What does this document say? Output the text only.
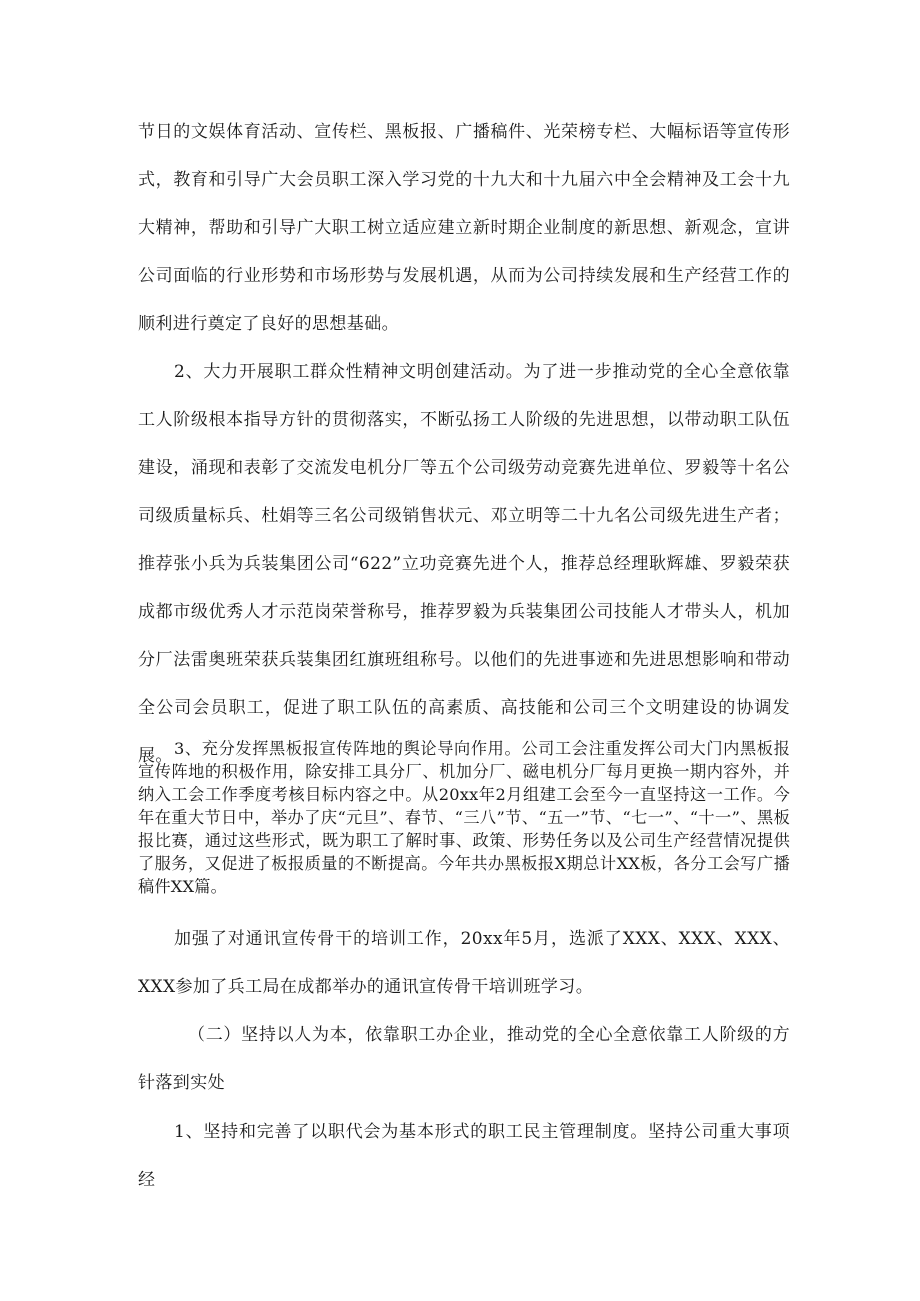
节日的文娱体育活动、宣传栏、黑板报、广播稿件、光荣榜专栏、大幅标语等宣传形式，教育和引导广大会员职工深入学习党的十九大和十九届六中全会精神及工会十九大精神，帮助和引导广大职工树立适应建立新时期企业制度的新思想、新观念，宣讲公司面临的行业形势和市场形势与发展机遇，从而为公司持续发展和生产经营工作的顺利进行奠定了良好的思想基础。

2、大力开展职工群众性精神文明创建活动。为了进一步推动党的全心全意依靠工人阶级根本指导方针的贯彻落实，不断弘扬工人阶级的先进思想，以带动职工队伍建设，涌现和表彰了交流发电机分厂等五个公司级劳动竞赛先进单位、罗毅等十名公司级质量标兵、杜娟等三名公司级销售状元、邓立明等二十九名公司级先进生产者；推荐张小兵为兵装集团公司“622”立功竞赛先进个人，推荐总经理耿辉雄、罗毅荣获成都市级优秀人才示范岗荣誉称号，推荐罗毅为兵装集团公司技能人才带头人，机加分厂法雷奥班荣获兵装集团红旗班组称号。以他们的先进事迹和先进思想影响和带动全公司会员职工，促进了职工队伍的高素质、高技能和公司三个文明建设的协调发展。 3、充分发挥黑板报宣传阵地的舆论导向作用。公司工会注重发挥公司大门内黑板报宣传阵地的积极作用，除安排工具分厂、机加分厂、磁电机分厂每月更换一期内容外，并纳入工会工作季度考核目标内容之中。从20xx年2月组建工会至今一直坚持这一工作。今年在重大节日中，举办了庆“元旦”、春节、“三八”节、“五一”节、“七一”、“十一”、黑板报比赛，通过这些形式，既为职工了解时事、政策、形势任务以及公司生产经营情况提供了服务，又促进了板报质量的不断提高。今年共办黑板报X期总计XX板，各分工会写广播稿件XX篇。

加强了对通讯宣传骨干的培训工作，20xx年5月，选派了XXX、XXX、XXX、XXX参加了兵工局在成都举办的通讯宣传骨干培训班学习。

（二）坚持以人为本，依靠职工办企业，推动党的全心全意依靠工人阶级的方针落到实处

1、坚持和完善了以职代会为基本形式的职工民主管理制度。坚持公司重大事项经
